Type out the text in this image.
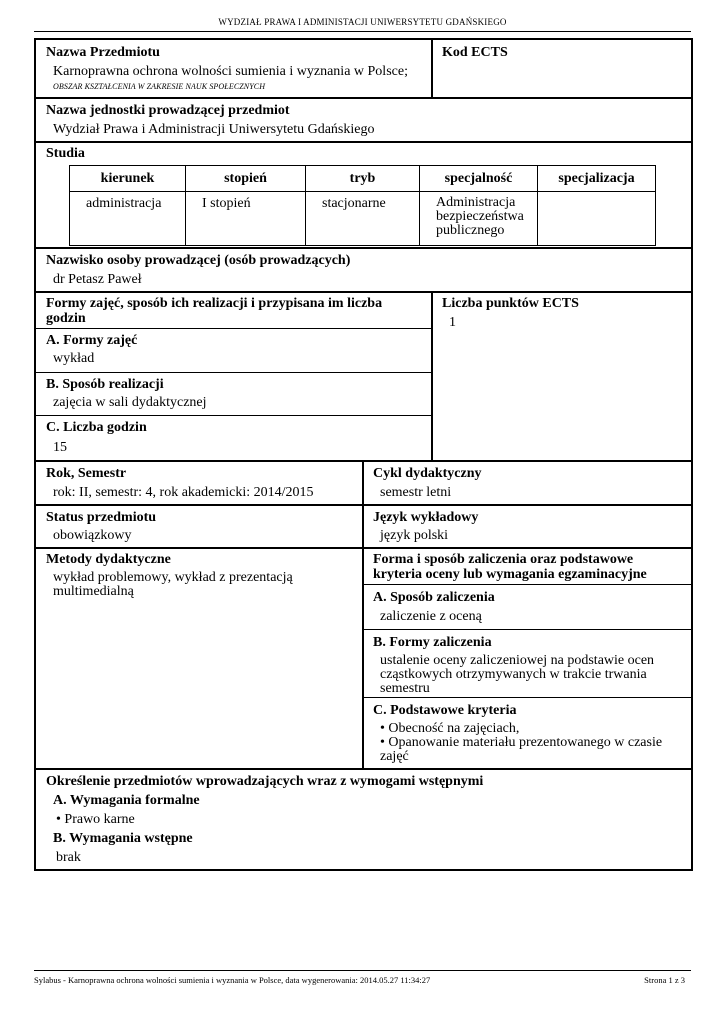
WYDZIAŁ PRAWA I ADMINISTACJI UNIWERSYTETU GDAŃSKIEGO
Nazwa Przedmiotu
Karnoprawna ochrona wolności sumienia i wyznania w Polsce;
OBSZAR KSZTAŁCENIA W ZAKRESIE NAUK SPOŁECZNYCH
Kod ECTS
Nazwa jednostki prowadzącej przedmiot
Wydział Prawa i Administracji Uniwersytetu Gdańskiego
Studia
kierunek	stopień	tryb	specjalność	specjalizacja
administracja	I stopień	stacjonarne	Administracja bezpieczeństwa publicznego	
Nazwisko osoby prowadzącej (osób prowadzących)
dr Petasz Paweł
Formy zajęć, sposób ich realizacji i przypisana im liczba godzin
A. Formy zajęć
wykład
B. Sposób realizacji
zajęcia w sali dydaktycznej
C. Liczba godzin
15
Liczba punktów ECTS
1
Rok, Semestr
rok: II, semestr: 4, rok akademicki: 2014/2015
Cykl dydaktyczny
semestr letni
Status przedmiotu
obowiązkowy
Język wykładowy
język polski
Metody dydaktyczne
wykład problemowy, wykład z prezentacją multimedialną
Forma i sposób zaliczenia oraz podstawowe kryteria oceny lub wymagania egzaminacyjne
A. Sposób zaliczenia
zaliczenie z oceną
B. Formy zaliczenia
ustalenie oceny zaliczeniowej na podstawie ocen cząstkowych otrzymywanych w trakcie trwania semestru
C. Podstawowe kryteria
• Obecność na zajęciach,
• Opanowanie materiału prezentowanego w czasie zajęć
Określenie przedmiotów wprowadzających wraz z wymogami wstępnymi
A. Wymagania formalne
• Prawo karne
B. Wymagania wstępne
brak
Sylabus - Karnoprawna ochrona wolności sumienia i wyznania w Polsce, data wygenerowania: 2014.05.27 11:34:27	Strona 1 z 3
